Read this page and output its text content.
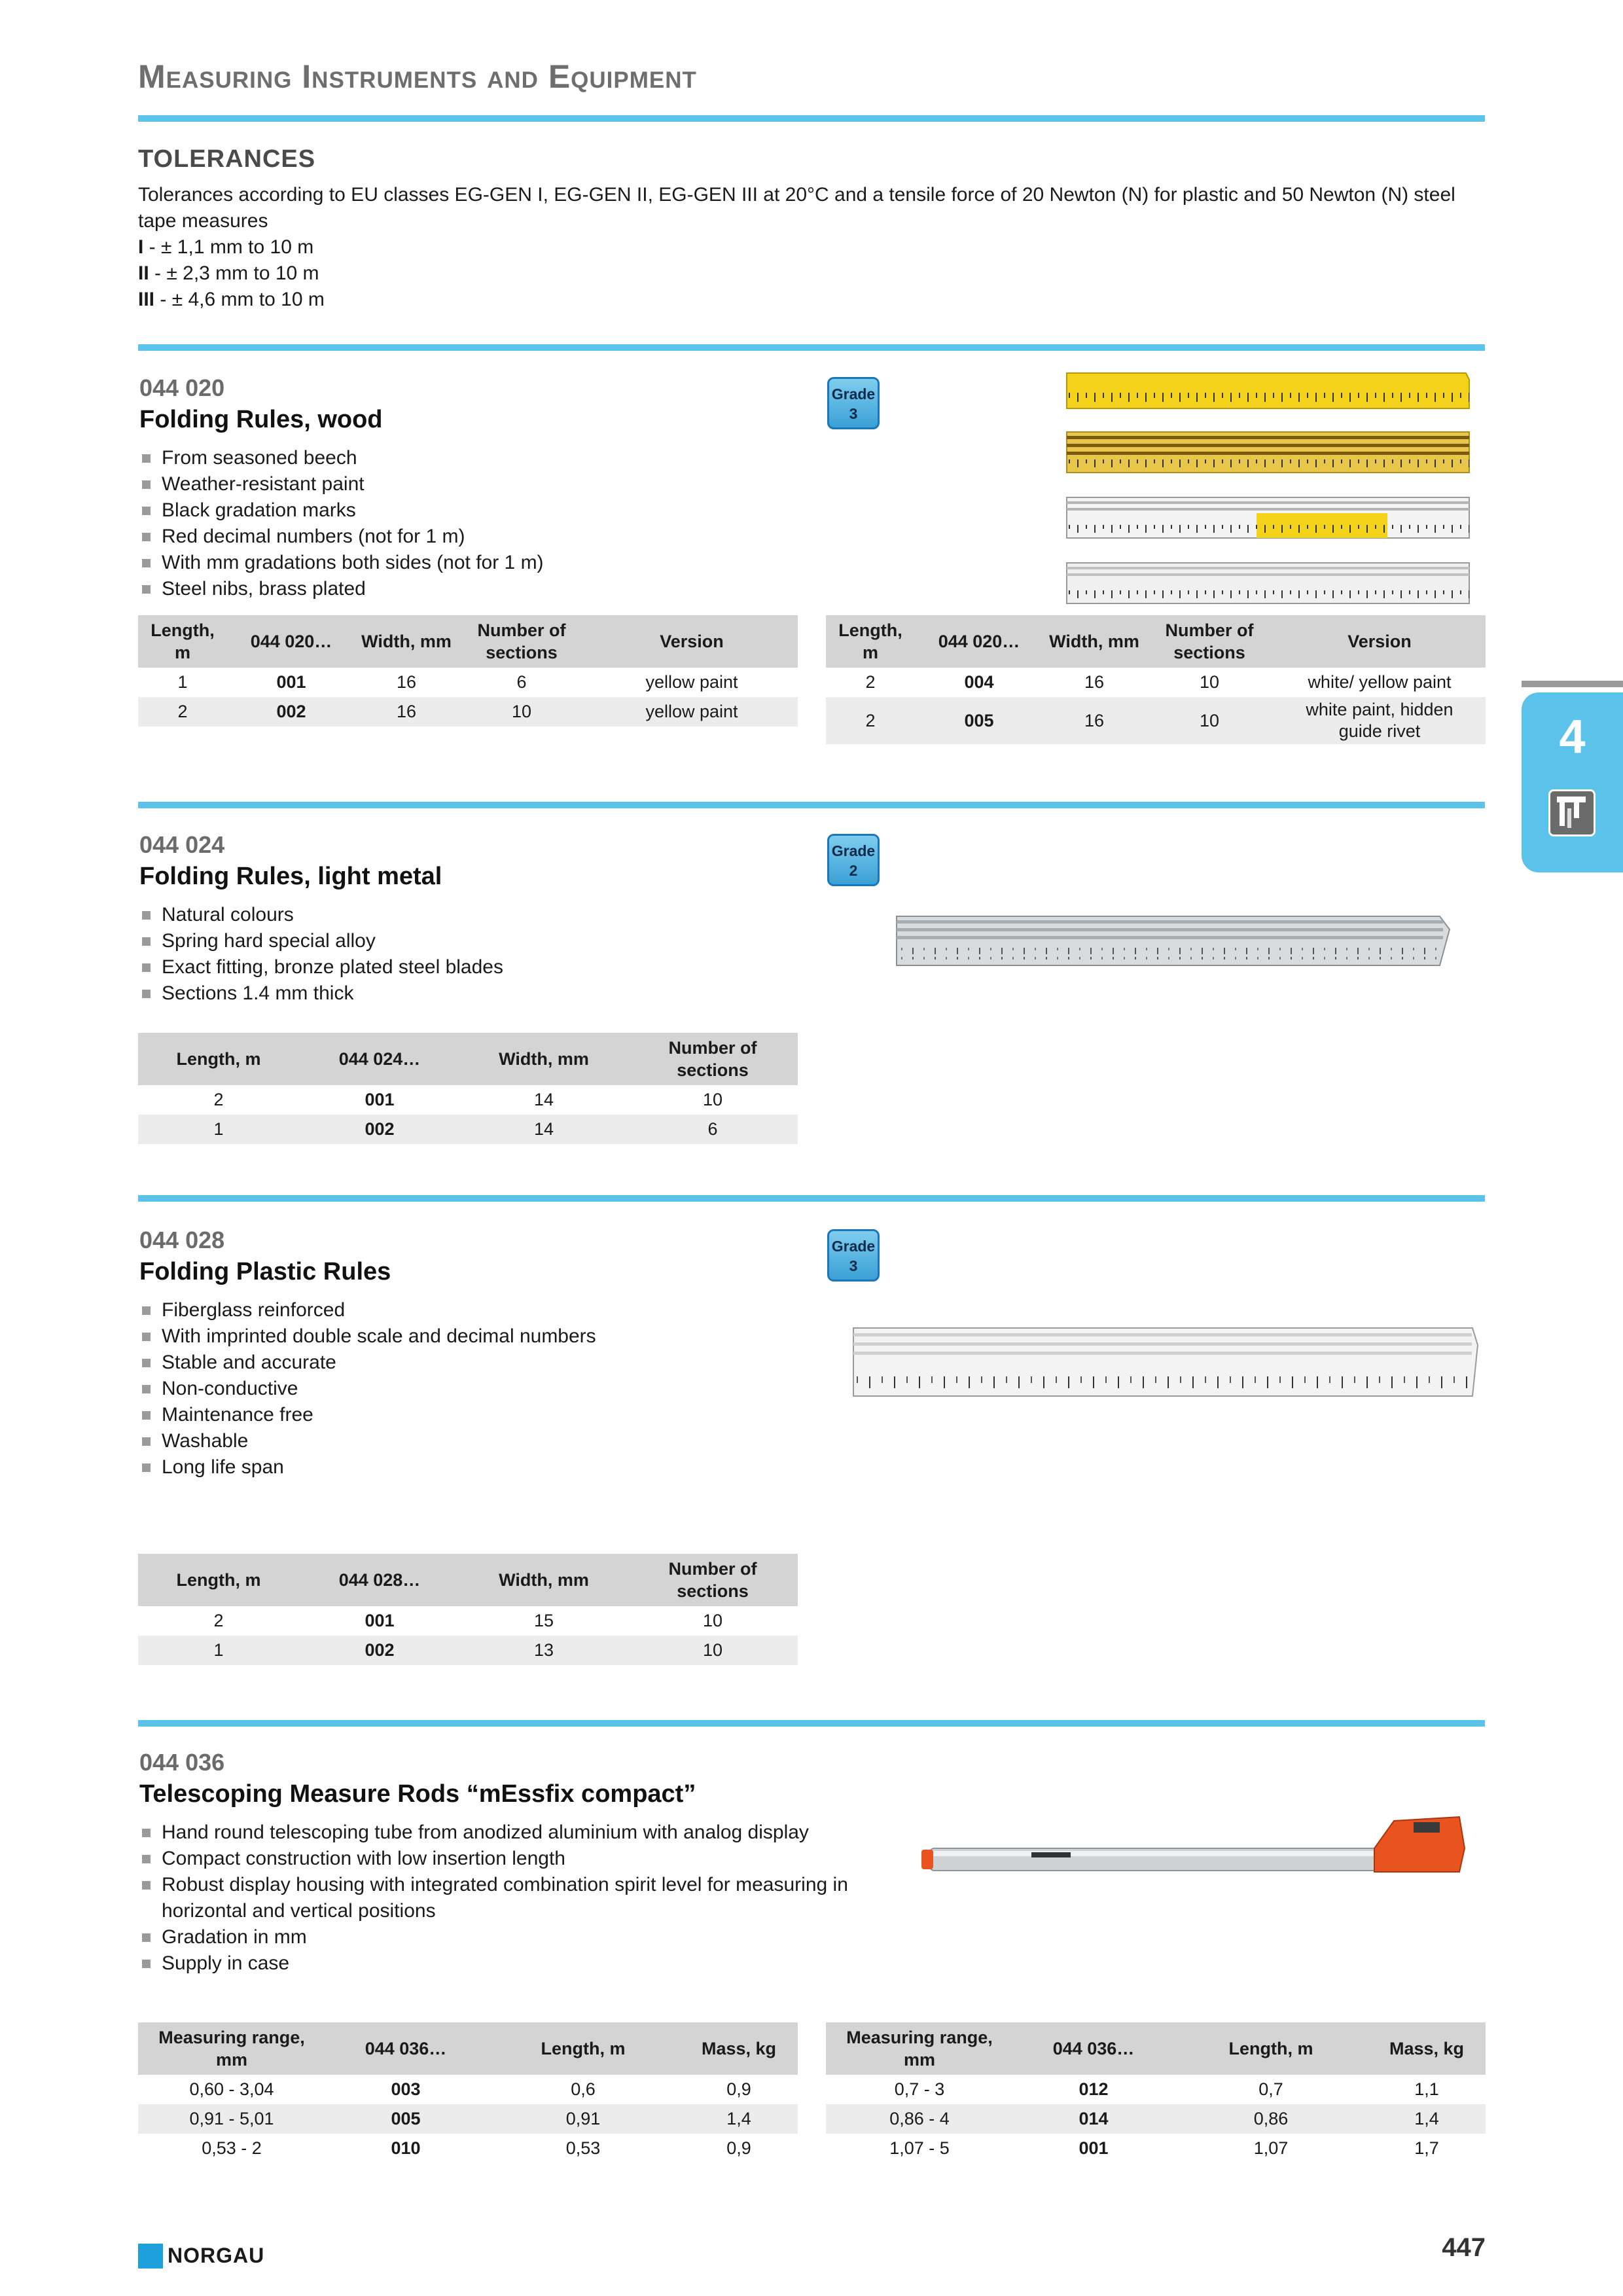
Measuring Instruments and Equipment
TOLERANCES
Tolerances according to EU classes EG-GEN I, EG-GEN II, EG-GEN III at 20°C and a tensile force of 20 Newton (N) for plastic and 50 Newton (N) steel tape measures
I - ± 1,1 mm to 10 m
II - ± 2,3 mm to 10 m
III - ± 4,6 mm to 10 m
044 020
Folding Rules, wood
From seasoned beech
Weather-resistant paint
Black gradation marks
Red decimal numbers (not for 1 m)
With mm gradations both sides (not for 1 m)
Steel nibs, brass plated
Grade
3
Length, m	044 020…	Width, mm	Number of sections	Version
1	001	16	6	yellow paint
2	002	16	10	yellow paint
Length, m	044 020…	Width, mm	Number of sections	Version
2	004	16	10	white/ yellow paint
2	005	16	10	white paint, hidden guide rivet
044 024
Folding Rules, light metal
Natural colours
Spring hard special alloy
Exact fitting, bronze plated steel blades
Sections 1.4 mm thick
Grade
2
Length, m	044 024…	Width, mm	Number of sections
2	001	14	10
1	002	14	6
044 028
Folding Plastic Rules
Fiberglass reinforced
With imprinted double scale and decimal numbers
Stable and accurate
Non-conductive
Maintenance free
Washable
Long life span
Grade
3
Length, m	044 028…	Width, mm	Number of sections
2	001	15	10
1	002	13	10
044 036
Telescoping Measure Rods “mEssfix compact”
Hand round telescoping tube from anodized aluminium with analog display
Compact construction with low insertion length
Robust display housing with integrated combination spirit level for measuring in horizontal and vertical positions
Gradation in mm
Supply in case
Measuring range, mm	044 036…	Length, m	Mass, kg
0,60 - 3,04	003	0,6	0,9
0,91 - 5,01	005	0,91	1,4
0,53 - 2	010	0,53	0,9
Measuring range, mm	044 036…	Length, m	Mass, kg
0,7 - 3	012	0,7	1,1
0,86 - 4	014	0,86	1,4
1,07 - 5	001	1,07	1,7
4
NORGAU	447
